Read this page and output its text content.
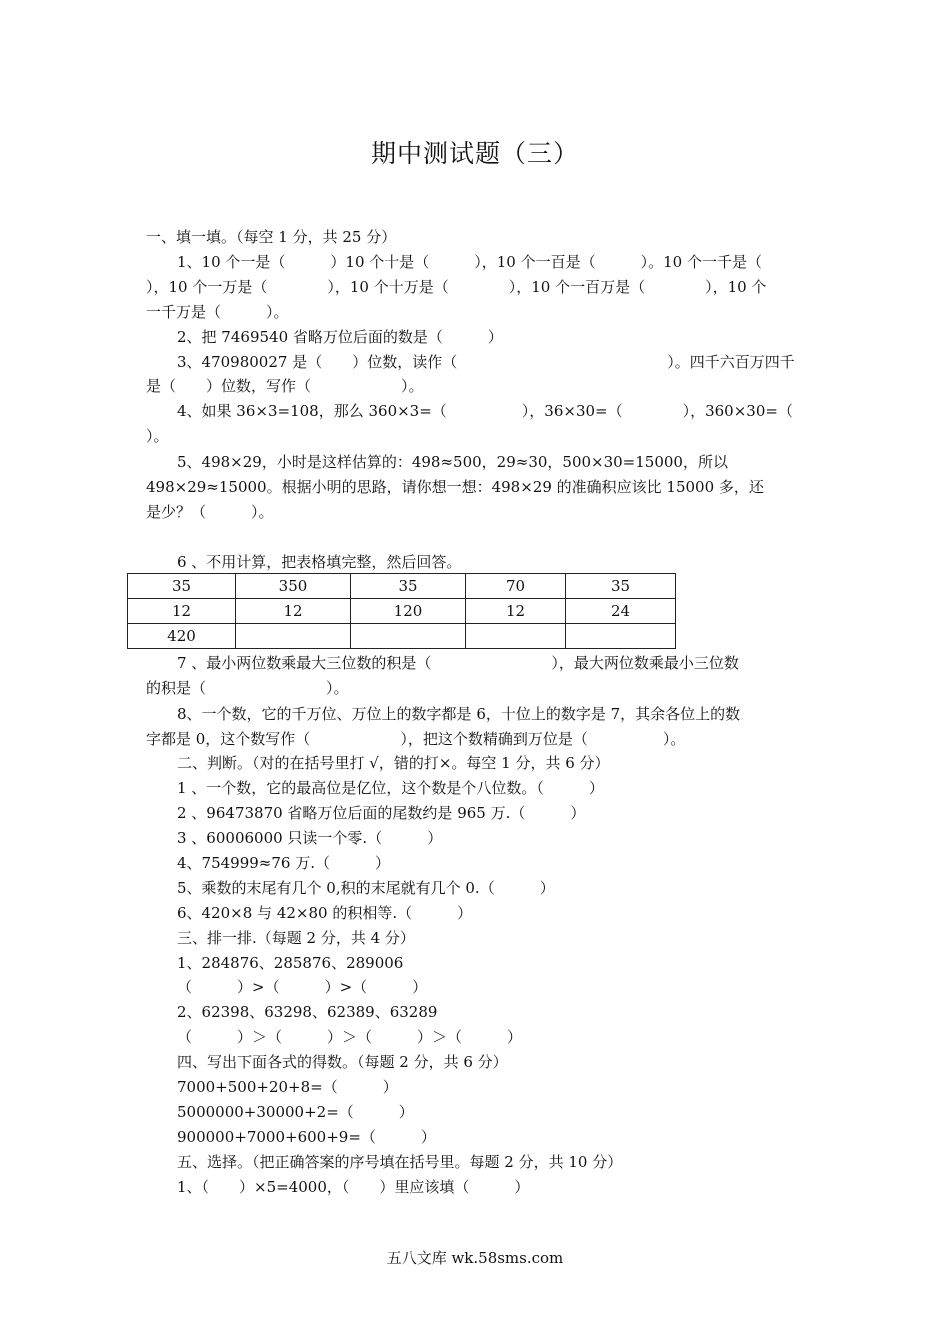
期中测试题（三）
一、填一填。（每空 1 分，共 25 分）
1、10 个一是（　　　）10 个十是（　　　），10 个一百是（　　　）。10 个一千是（
），10 个一万是（　　　　），10 个十万是（　　　　），10 个一百万是（　　　　），10 个
一千万是（　　　）。
2、把 7469540 省略万位后面的数是（　　　）
3、470980027 是（　　）位数，读作（　　　　　　　　　　　　　　）。四千六百万四千
是（　　）位数，写作（　　　　　　）。
4、如果 36×3=108，那么 360×3=（　　　　　），36×30=（　　　　），360×30=（
）。
5、498×29，小时是这样估算的：498≈500，29≈30，500×30=15000，所以
498×29≈15000。根据小明的思路，请你想一想：498×29 的准确积应该比 15000 多，还
是少？（　　　）。
6 、不用计算，把表格填完整，然后回答。
35	350	35	70	35
12	12	120	12	24
420				
7 、最小两位数乘最大三位数的积是（　　　　　　　　），最大两位数乘最小三位数
的积是（　　　　　　　　）。
8、一个数，它的千万位、万位上的数字都是 6，十位上的数字是 7，其余各位上的数
字都是 0，这个数写作（　　　　　　），把这个数精确到万位是（　　　　　）。
二、判断。（对的在括号里打 √，错的打×。每空 1 分，共 6 分）
1 、一个数，它的最高位是亿位，这个数是个八位数。（　　　）
2 、96473870 省略万位后面的尾数约是 965 万.（　　　）
3 、60006000 只读一个零.（　　　）
4、754999≈76 万.（　　　）
5、乘数的末尾有几个 0,积的末尾就有几个 0.（　　　）
6、420×8 与 42×80 的积相等.（　　　）
三、排一排.（每题 2 分，共 4 分）
1、284876、285876、289006
（　　　）>（　　　）>（　　　）
2、62398、63298、62389、63289
（　　　）＞（　　　）＞（　　　）＞（　　　）
四、写出下面各式的得数。（每题 2 分，共 6 分）
7000+500+20+8=（　　　）
5000000+30000+2=（　　　）
900000+7000+600+9=（　　　）
五、选择。（把正确答案的序号填在括号里。每题 2 分，共 10 分）
1、（　　）×5=4000，（　　）里应该填（　　　）
五八文库 wk.58sms.com
